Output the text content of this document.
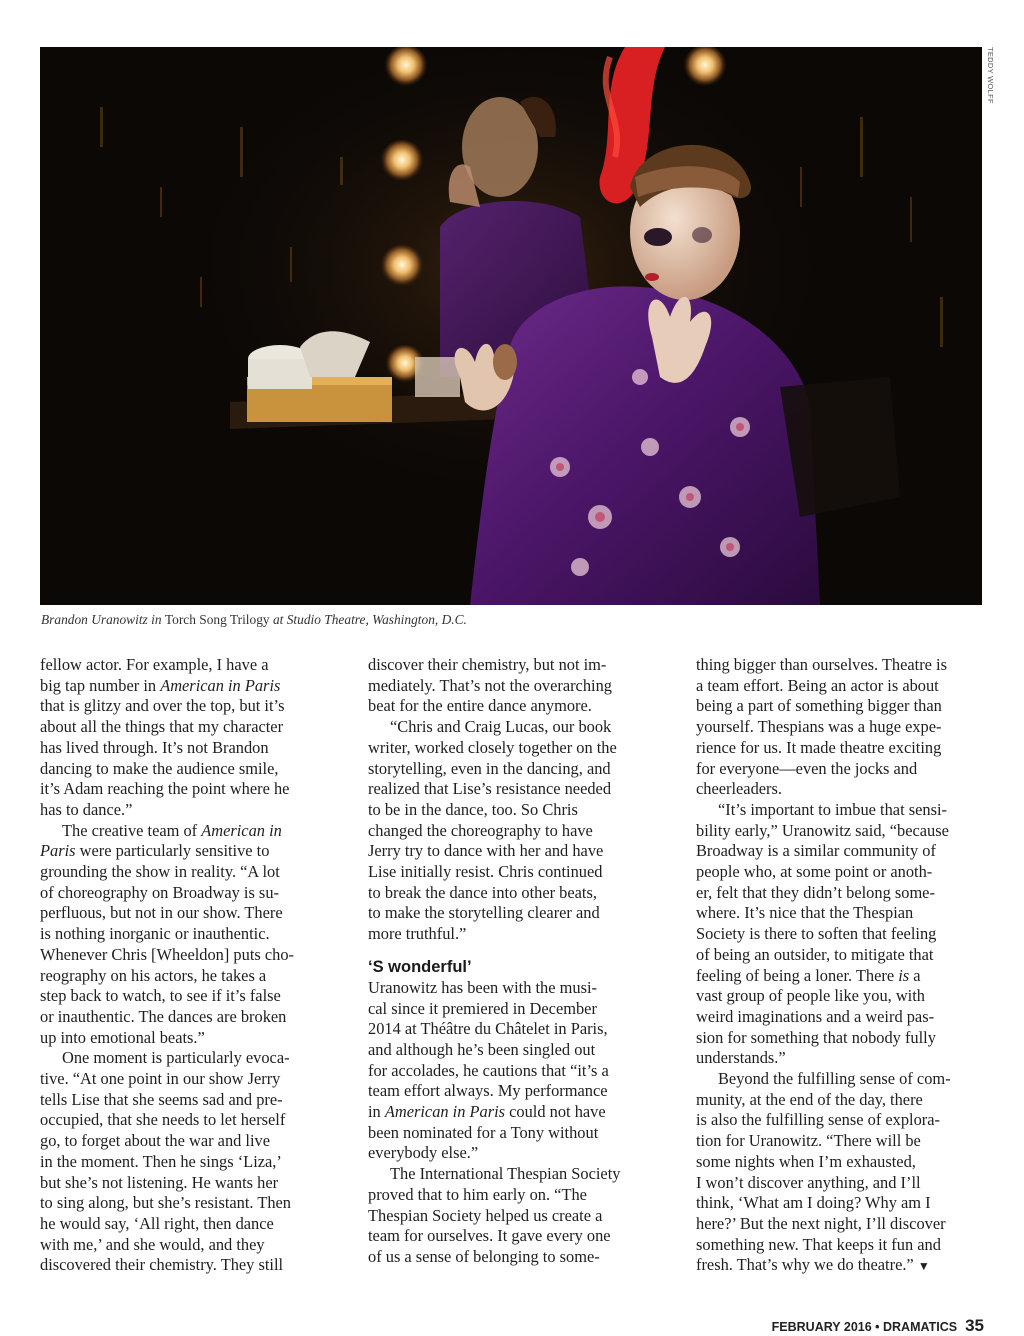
TEDDY WOLFF
Brandon Uranowitz in Torch Song Trilogy at Studio Theatre, Washington, D.C.

fellow actor. For example, I have a
big tap number in American in Paris
that is glitzy and over the top, but it’s
about all the things that my character
has lived through. It’s not Brandon
dancing to make the audience smile,
it’s Adam reaching the point where he
has to dance.”

The creative team of American in
Paris were particularly sensitive to
grounding the show in reality. “A lot
of choreography on Broadway is su-
perfluous, but not in our show. There
is nothing inorganic or inauthentic.
Whenever Chris [Wheeldon] puts cho-
reography on his actors, he takes a
step back to watch, to see if it’s false
or inauthentic. The dances are broken
up into emotional beats.”

One moment is particularly evoca-
tive. “At one point in our show Jerry
tells Lise that she seems sad and pre-
occupied, that she needs to let herself
go, to forget about the war and live
in the moment. Then he sings ‘Liza,’
but she’s not listening. He wants her
to sing along, but she’s resistant. Then
he would say, ‘All right, then dance
with me,’ and she would, and they
discovered their chemistry. They still

discover their chemistry, but not im-
mediately. That’s not the overarching
beat for the entire dance anymore.

“Chris and Craig Lucas, our book
writer, worked closely together on the
storytelling, even in the dancing, and
realized that Lise’s resistance needed
to be in the dance, too. So Chris
changed the choreography to have
Jerry try to dance with her and have
Lise initially resist. Chris continued
to break the dance into other beats,
to make the storytelling clearer and
more truthful.”

‘S wonderful’

Uranowitz has been with the musi-
cal since it premiered in December
2014 at Théâtre du Châtelet in Paris,
and although he’s been singled out
for accolades, he cautions that “it’s a
team effort always. My performance
in American in Paris could not have
been nominated for a Tony without
everybody else.”

The International Thespian Society
proved that to him early on. “The
Thespian Society helped us create a
team for ourselves. It gave every one
of us a sense of belonging to some-

thing bigger than ourselves. Theatre is
a team effort. Being an actor is about
being a part of something bigger than
yourself. Thespians was a huge expe-
rience for us. It made theatre exciting
for everyone—even the jocks and
cheerleaders.

“It’s important to imbue that sensi-
bility early,” Uranowitz said, “because
Broadway is a similar community of
people who, at some point or anoth-
er, felt that they didn’t belong some-
where. It’s nice that the Thespian
Society is there to soften that feeling
of being an outsider, to mitigate that
feeling of being a loner. There is a
vast group of people like you, with
weird imaginations and a weird pas-
sion for something that nobody fully
understands.”

Beyond the fulfilling sense of com-
munity, at the end of the day, there
is also the fulfilling sense of explora-
tion for Uranowitz. “There will be
some nights when I’m exhausted,
I won’t discover anything, and I’ll
think, ‘What am I doing? Why am I
here?’ But the next night, I’ll discover
something new. That keeps it fun and
fresh. That’s why we do theatre.” ▼

FEBRUARY 2016 • DRAMATICS 35
